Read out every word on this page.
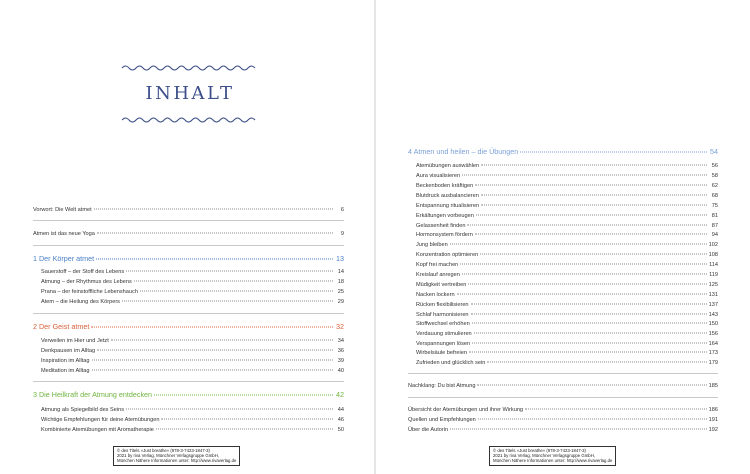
INHALT
Vorwort: Die Welt atmet	6
Atmen ist das neue Yoga	9
1 Der Körper atmet	13
Sauerstoff – der Stoff des Lebens	14
Atmung – der Rhythmus des Lebens	18
Prana – der feinstoffliche Lebenshauch	25
Atem – die Heilung des Körpers	29
2 Der Geist atmet	32
Verweilen im Hier und Jetzt	34
Denkpausen im Alltag	36
Inspiration im Alltag	39
Meditation im Alltag	40
3 Die Heilkraft der Atmung entdecken	42
Atmung als Spiegelbild des Seins	44
Wichtige Empfehlungen für deine Atemübungen	46
Kombinierte Atemübungen mit Aromatherapie	50
© des Titels »Just breathe« (978-3-7423-1847-3)
2021 by riva Verlag, Münchner Verlagsgruppe GmbH,
München Nähere Informationen unter: http://www.rivaverlag.de
4 Atmen und heilen – die Übungen	54
Atemübungen auswählen	56
Aura visualisieren	58
Beckenboden kräftigen	62
Blutdruck ausbalancieren	68
Entspannung ritualisieren	75
Erkältungen vorbeugen	81
Gelassenheit finden	87
Hormonsystem fördern	94
Jung bleiben	102
Konzentration optimieren	108
Kopf frei machen	114
Kreislauf anregen	119
Müdigkeit vertreiben	125
Nacken lockern	131
Rücken flexibilisieren	137
Schlaf harmonisieren	143
Stoffwechsel erhöhen	150
Verdauung stimulieren	156
Verspannungen lösen	164
Wirbelsäule befreien	173
Zufrieden und glücklich sein	179
Nachklang: Du bist Atmung	185
Übersicht der Atemübungen und ihrer Wirkung	186
Quellen und Empfehlungen	191
Über die Autorin	192
© des Titels »Just breathe« (978-3-7423-1847-3)
2021 by riva Verlag, Münchner Verlagsgruppe GmbH,
München Nähere Informationen unter: http://www.rivaverlag.de
